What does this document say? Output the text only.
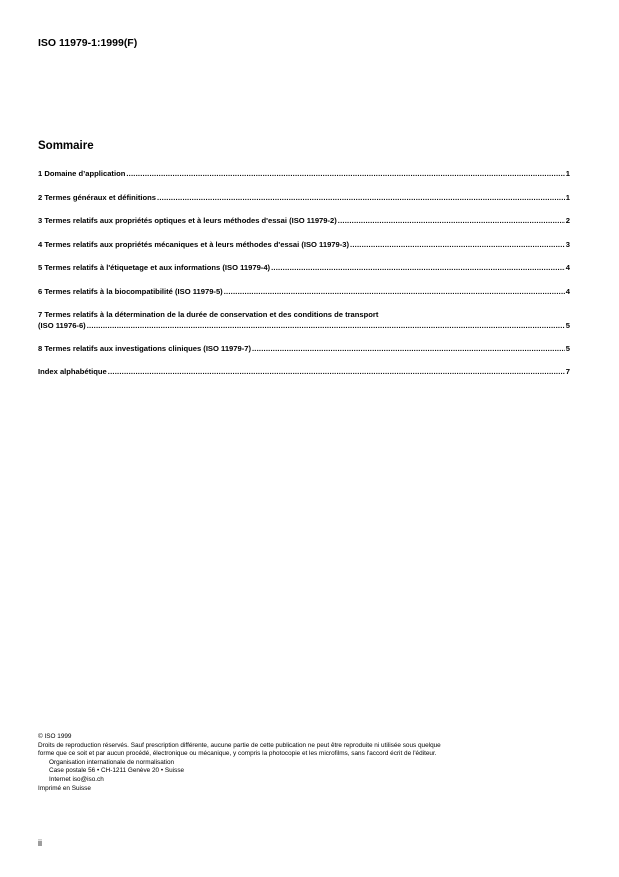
ISO 11979-1:1999(F)
Sommaire
1 Domaine d’application .....	1
2 Termes généraux et définitions .....	1
3 Termes relatifs aux propriétés optiques et à leurs méthodes d'essai (ISO 11979-2) .....	2
4 Termes relatifs aux propriétés mécaniques et à leurs méthodes d'essai (ISO 11979-3) .....	3
5 Termes relatifs à l'étiquetage et aux informations (ISO 11979-4) .....	4
6 Termes relatifs à la biocompatibilité (ISO 11979-5) .....	4
7 Termes relatifs à la détermination de la durée de conservation et des conditions de transport
(ISO 11976-6) .....	5
8 Termes relatifs aux investigations cliniques (ISO 11979-7) .....	5
Index alphabétique .....	7
© ISO 1999
Droits de reproduction réservés. Sauf prescription différente, aucune partie de cette publication ne peut être reproduite ni utilisée sous quelque
forme que ce soit et par aucun procédé, électronique ou mécanique, y compris la photocopie et les microfilms, sans l'accord écrit de l'éditeur.
Organisation internationale de normalisation
Case postale 56 • CH-1211 Genève 20 • Suisse
Internet iso@iso.ch
Imprimé en Suisse
ii
